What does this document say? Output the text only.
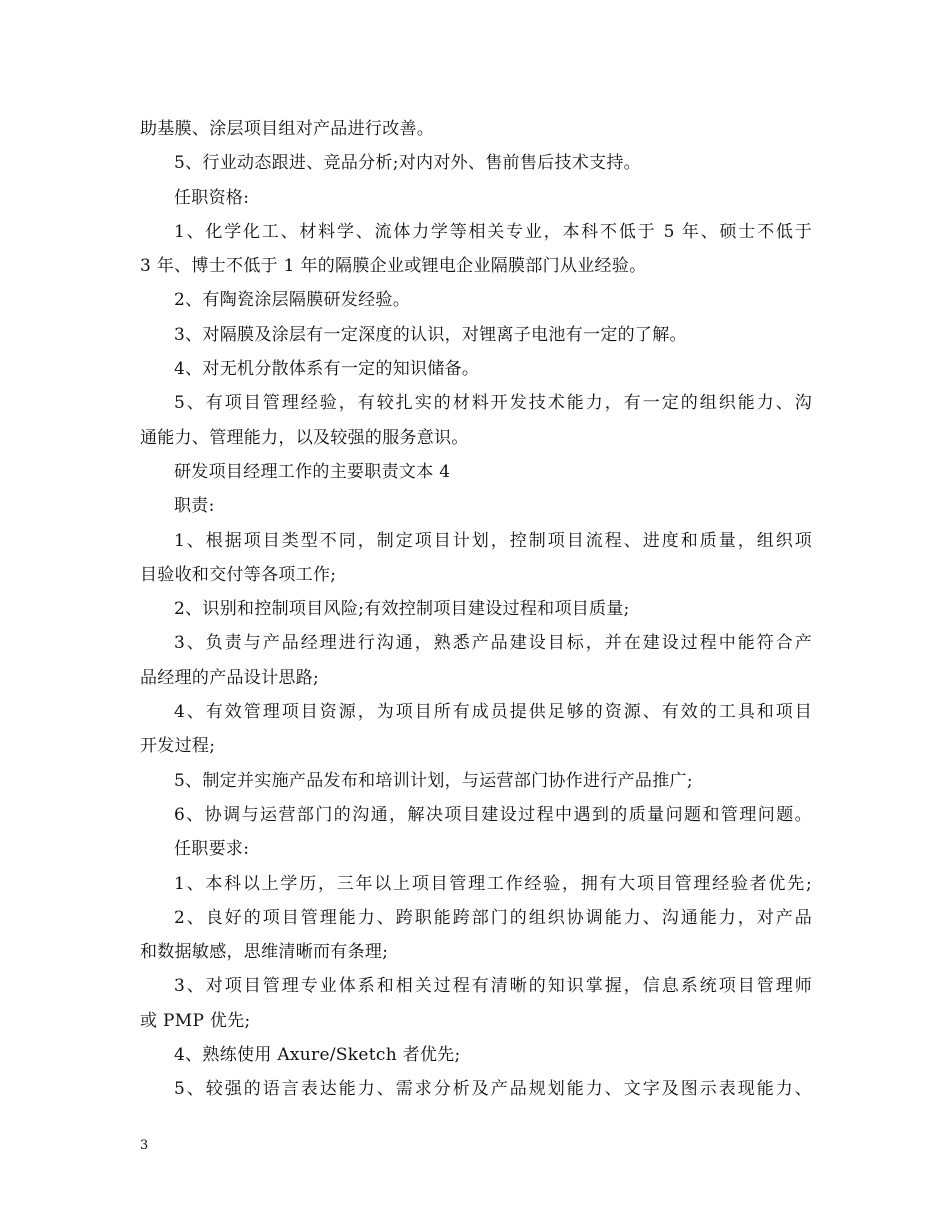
助基膜、涂层项目组对产品进行改善。
5、行业动态跟进、竞品分析;对内对外、售前售后技术支持。
任职资格:
1、化学化工、材料学、流体力学等相关专业，本科不低于 5 年、硕士不低于
3 年、博士不低于 1 年的隔膜企业或锂电企业隔膜部门从业经验。
2、有陶瓷涂层隔膜研发经验。
3、对隔膜及涂层有一定深度的认识，对锂离子电池有一定的了解。
4、对无机分散体系有一定的知识储备。
5、有项目管理经验，有较扎实的材料开发技术能力，有一定的组织能力、沟
通能力、管理能力，以及较强的服务意识。
研发项目经理工作的主要职责文本 4
职责:
1、根据项目类型不同，制定项目计划，控制项目流程、进度和质量，组织项
目验收和交付等各项工作;
2、识别和控制项目风险;有效控制项目建设过程和项目质量;
3、负责与产品经理进行沟通，熟悉产品建设目标，并在建设过程中能符合产
品经理的产品设计思路;
4、有效管理项目资源，为项目所有成员提供足够的资源、有效的工具和项目
开发过程;
5、制定并实施产品发布和培训计划，与运营部门协作进行产品推广;
6、协调与运营部门的沟通，解决项目建设过程中遇到的质量问题和管理问题。
任职要求:
1、本科以上学历，三年以上项目管理工作经验，拥有大项目管理经验者优先;
2、良好的项目管理能力、跨职能跨部门的组织协调能力、沟通能力，对产品
和数据敏感，思维清晰而有条理;
3、对项目管理专业体系和相关过程有清晰的知识掌握，信息系统项目管理师
或 PMP 优先;
4、熟练使用 Axure/Sketch 者优先;
5、较强的语言表达能力、需求分析及产品规划能力、文字及图示表现能力、
3
